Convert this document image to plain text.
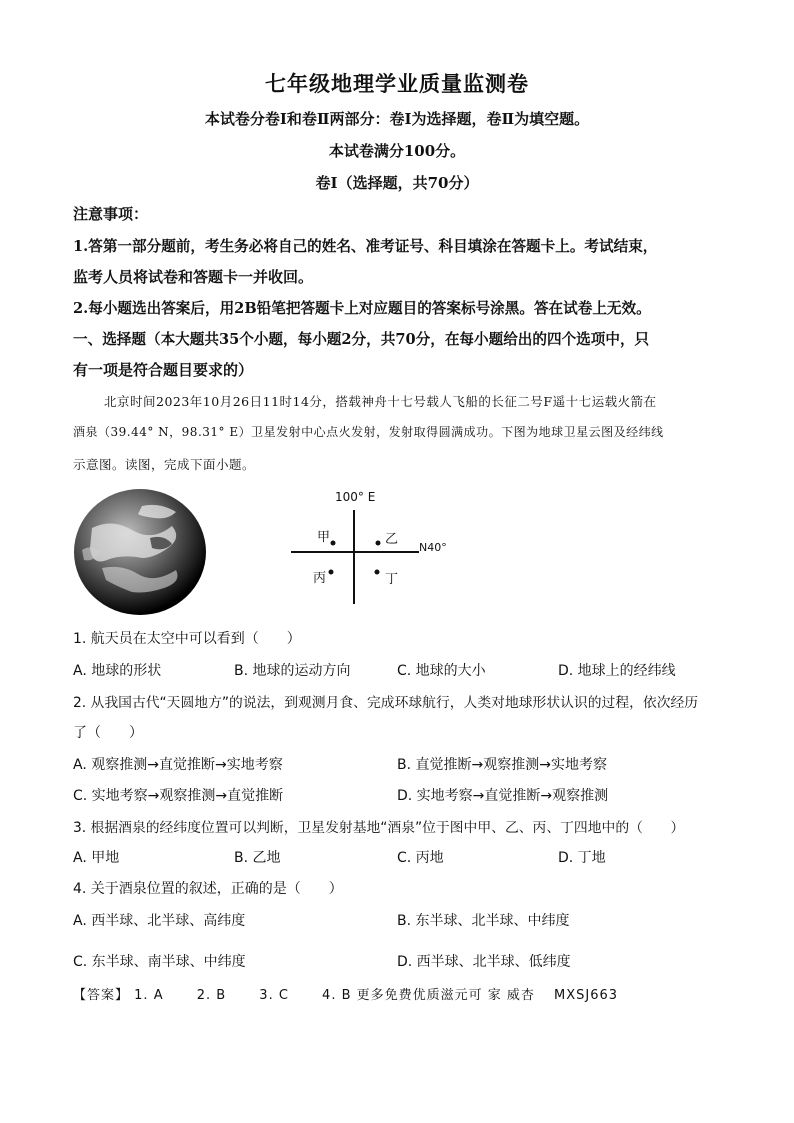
七年级地理学业质量监测卷
本试卷分卷Ⅰ和卷Ⅱ两部分：卷Ⅰ为选择题，卷Ⅱ为填空题。
本试卷满分100分。
卷Ⅰ（选择题，共70分）
注意事项：
1.答第一部分题前，考生务必将自己的姓名、准考证号、科目填涂在答题卡上。考试结束，
监考人员将试卷和答题卡一并收回。
2.每小题选出答案后，用2B铅笔把答题卡上对应题目的答案标号涂黑。答在试卷上无效。
一、选择题（本大题共35个小题，每小题2分，共70分，在每小题给出的四个选项中，只
有一项是符合题目要求的）
北京时间2023年10月26日11时14分，搭载神舟十七号载人飞船的长征二号F遥十七运载火箭在
酒泉（39.44° N，98.31° E）卫星发射中心点火发射，发射取得圆满成功。下图为地球卫星云图及经纬线
示意图。读图，完成下面小题。
100° E
N40°
甲	乙
丙	丁
1. 航天员在太空中可以看到（　　）
A. 地球的形状	B. 地球的运动方向	C. 地球的大小	D. 地球上的经纬线
2. 从我国古代“天圆地方”的说法，到观测月食、完成环球航行，人类对地球形状认识的过程，依次经历
了（　　）
A. 观察推测→直觉推断→实地考察	B. 直觉推断→观察推测→实地考察
C. 实地考察→观察推测→直觉推断	D. 实地考察→直觉推断→观察推测
3. 根据酒泉的经纬度位置可以判断，卫星发射基地“酒泉”位于图中甲、乙、丙、丁四地中的（　　）
A. 甲地	B. 乙地	C. 丙地	D. 丁地
4. 关于酒泉位置的叙述，正确的是（　　）
A. 西半球、北半球、高纬度	B. 东半球、北半球、中纬度
C. 东半球、南半球、中纬度	D. 西半球、北半球、低纬度
【答案】 1. A　　 2. B　　 3. C　　 4. B 更多免费优质滋元可 家 威杏　 MXSJ663
